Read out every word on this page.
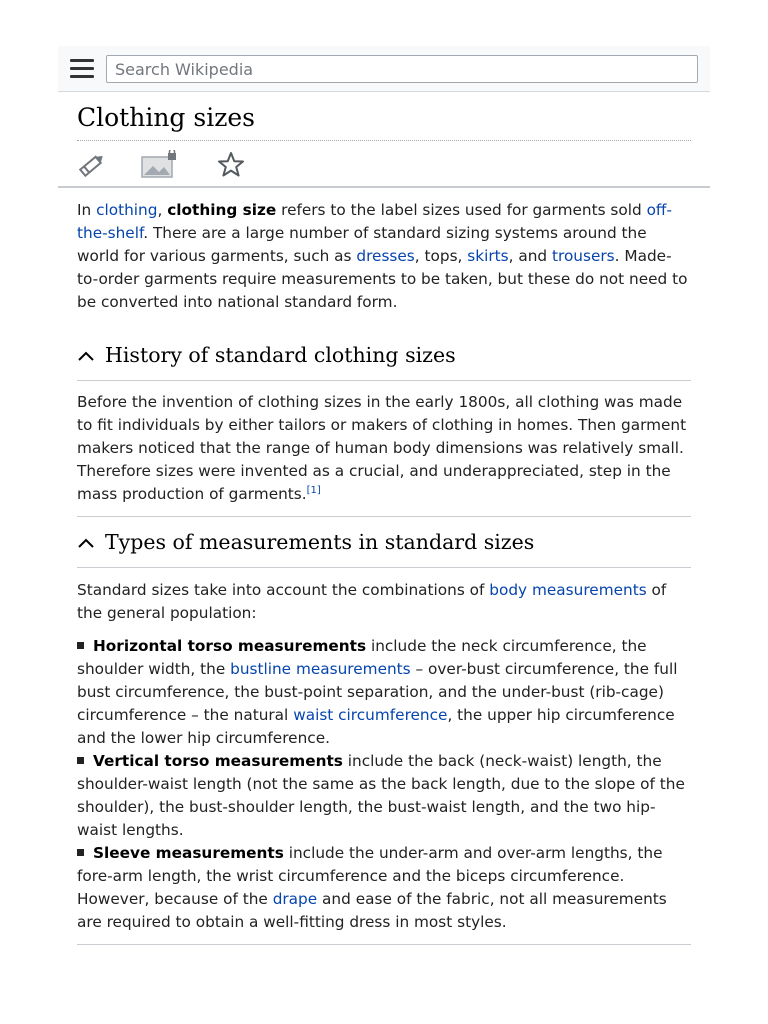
Search Wikipedia
Clothing sizes

In clothing, clothing size refers to the label sizes used for garments sold off-the-shelf. There are a large number of standard sizing systems around the world for various garments, such as dresses, tops, skirts, and trousers. Made-to-order garments require measurements to be taken, but these do not need to be converted into national standard form.

History of standard clothing sizes

Before the invention of clothing sizes in the early 1800s, all clothing was made to fit individuals by either tailors or makers of clothing in homes. Then garment makers noticed that the range of human body dimensions was relatively small. Therefore sizes were invented as a crucial, and underappreciated, step in the mass production of garments.[1]

Types of measurements in standard sizes

Standard sizes take into account the combinations of body measurements of the general population:

Horizontal torso measurements include the neck circumference, the shoulder width, the bustline measurements – over-bust circumference, the full bust circumference, the bust-point separation, and the under-bust (rib-cage) circumference – the natural waist circumference, the upper hip circumference and the lower hip circumference.
Vertical torso measurements include the back (neck-waist) length, the shoulder-waist length (not the same as the back length, due to the slope of the shoulder), the bust-shoulder length, the bust-waist length, and the two hip-waist lengths.
Sleeve measurements include the under-arm and over-arm lengths, the fore-arm length, the wrist circumference and the biceps circumference.

However, because of the drape and ease of the fabric, not all measurements are required to obtain a well-fitting dress in most styles.
